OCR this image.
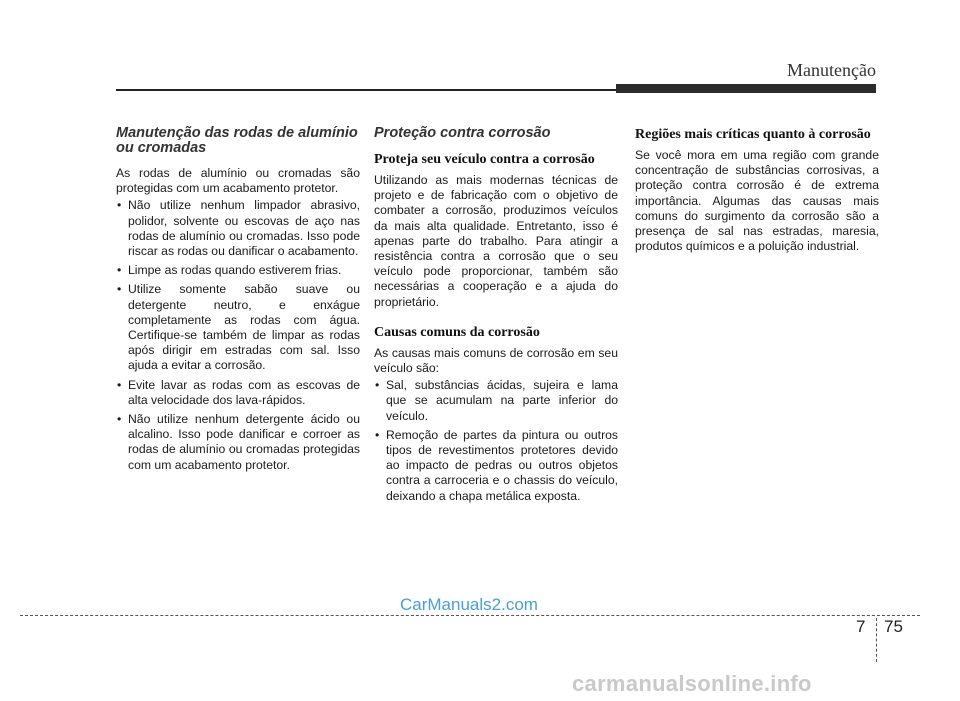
Manutenção
Manutenção das rodas de alumínio ou cromadas

As rodas de alumínio ou cromadas são protegidas com um acabamento protetor.

• Não utilize nenhum limpador abrasivo, polidor, solvente ou escovas de aço nas rodas de alumínio ou cromadas. Isso pode riscar as rodas ou danificar o acabamento.
• Limpe as rodas quando estiverem frias.
• Utilize somente sabão suave ou detergente neutro, e enxágue completamente as rodas com água. Certifique-se também de limpar as rodas após dirigir em estradas com sal. Isso ajuda a evitar a corrosão.
• Evite lavar as rodas com as escovas de alta velocidade dos lava-rápidos.
• Não utilize nenhum detergente ácido ou alcalino. Isso pode danificar e corroer as rodas de alumínio ou cromadas protegidas com um acabamento protetor.
Proteção contra corrosão
Proteja seu veículo contra a corrosão

Utilizando as mais modernas técnicas de projeto e de fabricação com o objetivo de combater a corrosão, produzimos veículos da mais alta qualidade. Entretanto, isso é apenas parte do trabalho. Para atingir a resistência contra a corrosão que o seu veículo pode proporcionar, também são necessárias a cooperação e a ajuda do proprietário.

Causas comuns da corrosão

As causas mais comuns de corrosão em seu veículo são:

• Sal, substâncias ácidas, sujeira e lama que se acumulam na parte inferior do veículo.
• Remoção de partes da pintura ou outros tipos de revestimentos protetores devido ao impacto de pedras ou outros objetos contra a carroceria e o chassis do veículo, deixando a chapa metálica exposta.
Regiões mais críticas quanto à corrosão

Se você mora em uma região com grande concentração de substâncias corrosivas, a proteção contra corrosão é de extrema importância. Algumas das causas mais comuns do surgimento da corrosão são a presença de sal nas estradas, maresia, produtos químicos e a poluição industrial.

CarManuals2.com
7 75
carmanualsonline.info
